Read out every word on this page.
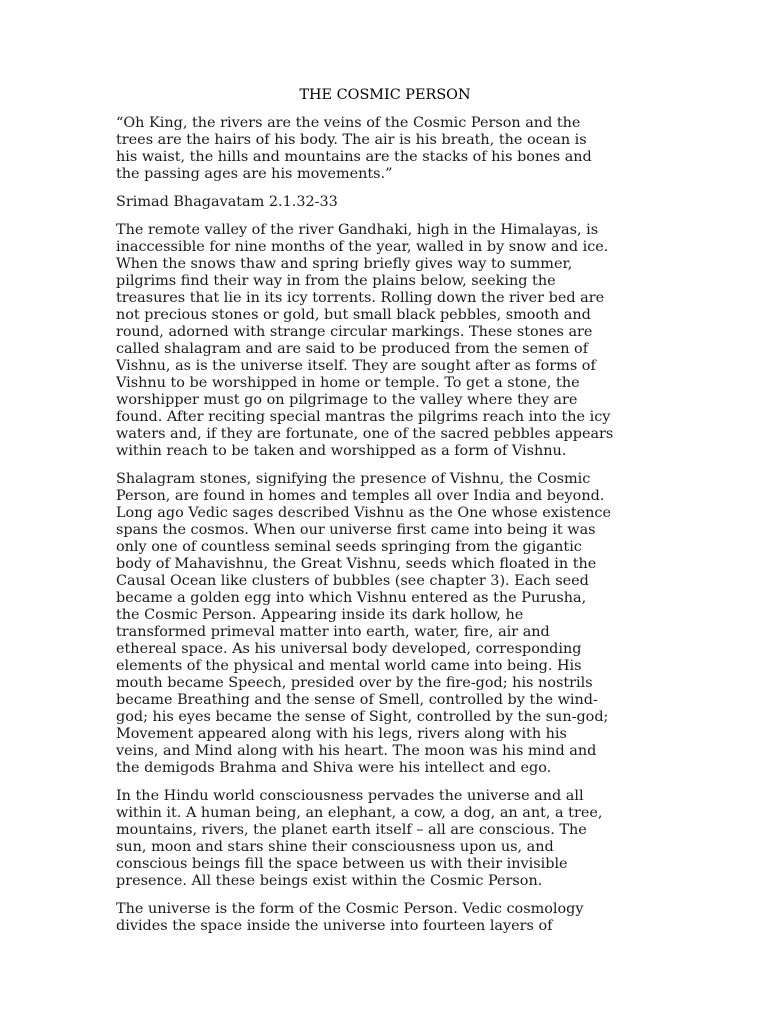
THE COSMIC PERSON
“Oh King, the rivers are the veins of the Cosmic Person and the
trees are the hairs of his body. The air is his breath, the ocean is
his waist, the hills and mountains are the stacks of his bones and
the passing ages are his movements.”
Srimad Bhagavatam 2.1.32-33
The remote valley of the river Gandhaki, high in the Himalayas, is
inaccessible for nine months of the year, walled in by snow and ice.
When the snows thaw and spring briefly gives way to summer,
pilgrims find their way in from the plains below, seeking the
treasures that lie in its icy torrents. Rolling down the river bed are
not precious stones or gold, but small black pebbles, smooth and
round, adorned with strange circular markings. These stones are
called shalagram and are said to be produced from the semen of
Vishnu, as is the universe itself. They are sought after as forms of
Vishnu to be worshipped in home or temple. To get a stone, the
worshipper must go on pilgrimage to the valley where they are
found. After reciting special mantras the pilgrims reach into the icy
waters and, if they are fortunate, one of the sacred pebbles appears
within reach to be taken and worshipped as a form of Vishnu.
Shalagram stones, signifying the presence of Vishnu, the Cosmic
Person, are found in homes and temples all over India and beyond.
Long ago Vedic sages described Vishnu as the One whose existence
spans the cosmos. When our universe first came into being it was
only one of countless seminal seeds springing from the gigantic
body of Mahavishnu, the Great Vishnu, seeds which floated in the
Causal Ocean like clusters of bubbles (see chapter 3). Each seed
became a golden egg into which Vishnu entered as the Purusha,
the Cosmic Person. Appearing inside its dark hollow, he
transformed primeval matter into earth, water, fire, air and
ethereal space. As his universal body developed, corresponding
elements of the physical and mental world came into being. His
mouth became Speech, presided over by the fire-god; his nostrils
became Breathing and the sense of Smell, controlled by the wind-
god; his eyes became the sense of Sight, controlled by the sun-god;
Movement appeared along with his legs, rivers along with his
veins, and Mind along with his heart. The moon was his mind and
the demigods Brahma and Shiva were his intellect and ego.
In the Hindu world consciousness pervades the universe and all
within it. A human being, an elephant, a cow, a dog, an ant, a tree,
mountains, rivers, the planet earth itself – all are conscious. The
sun, moon and stars shine their consciousness upon us, and
conscious beings fill the space between us with their invisible
presence. All these beings exist within the Cosmic Person.
The universe is the form of the Cosmic Person. Vedic cosmology
divides the space inside the universe into fourteen layers of
